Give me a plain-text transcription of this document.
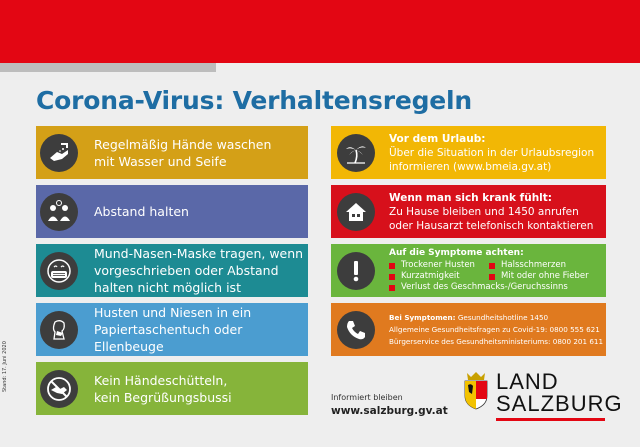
Corona-Virus: Verhaltensregeln
Stand: 17. Juni 2020
Regelmäßig Hände waschen
mit Wasser und Seife
Abstand halten
Mund-Nasen-Maske tragen, wenn
vorgeschrieben oder Abstand
halten nicht möglich ist
Husten und Niesen in ein
Papiertaschentuch oder
Ellenbeuge
Kein Händeschütteln,
kein Begrüßungsbussi
Vor dem Urlaub:
Über die Situation in der Urlaubsregion
informieren (www.bmeia.gv.at)
Wenn man sich krank fühlt:
Zu Hause bleiben und 1450 anrufen
oder Hausarzt telefonisch kontaktieren
Auf die Symptome achten:
Trockener Husten	Halsschmerzen
Kurzatmigkeit	Mit oder ohne Fieber
Verlust des Geschmacks-/Geruchssinns
Bei Symptomen: Gesundheitshotline 1450
Allgemeine Gesundheitsfragen zu Covid-19: 0800 555 621
Bürgerservice des Gesundheitsministeriums: 0800 201 611
Informiert bleiben
www.salzburg.gv.at
LAND
SALZBURG
